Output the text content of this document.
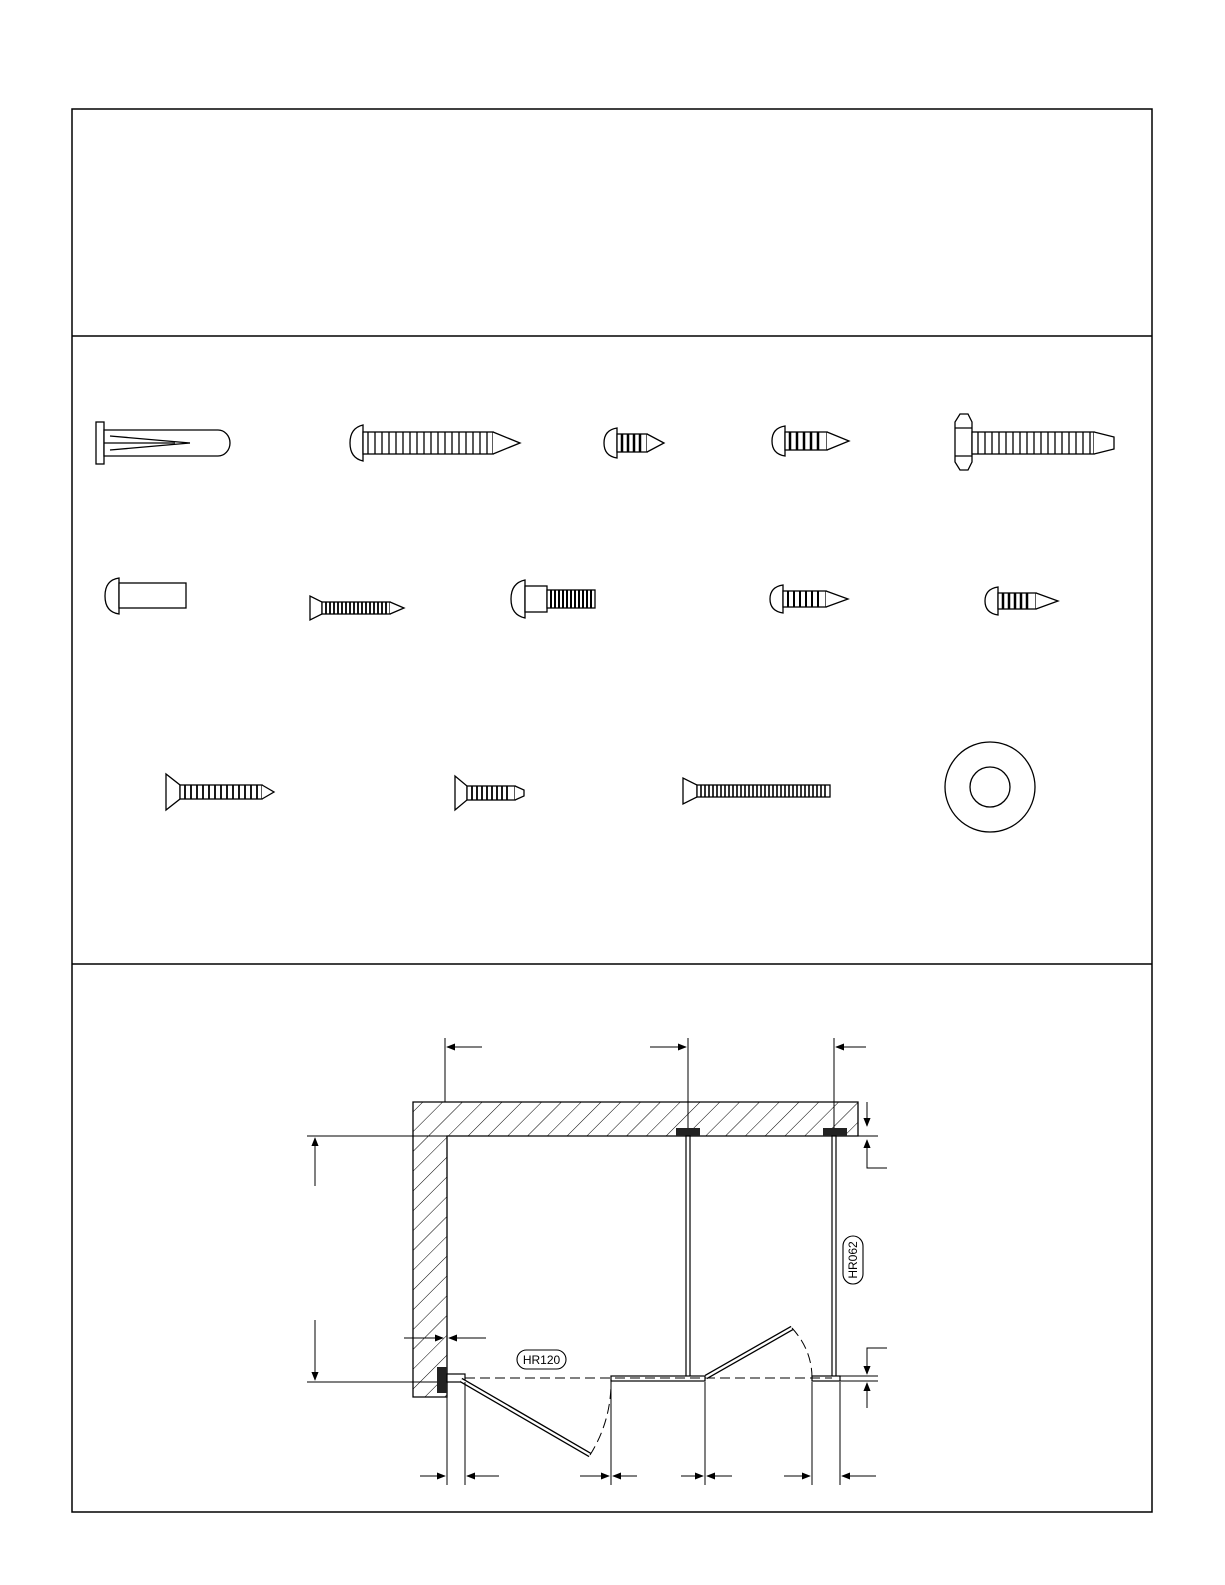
HR120
HR062
